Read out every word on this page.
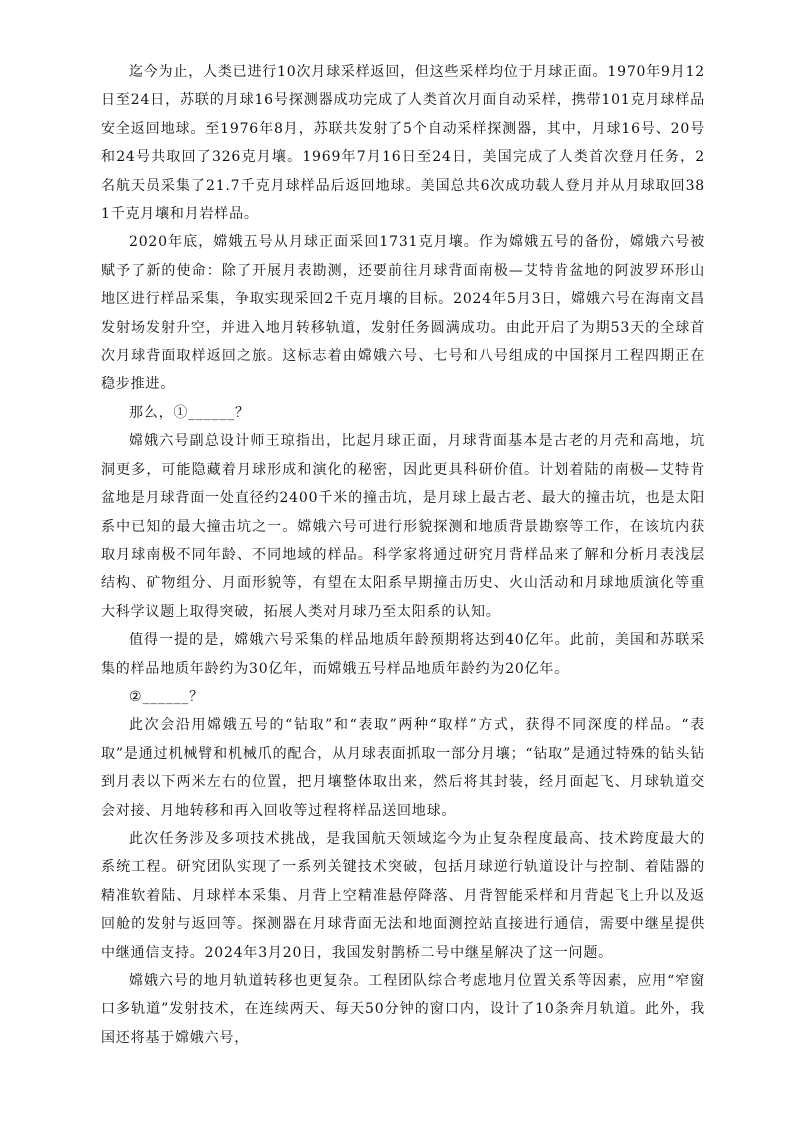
迄今为止，人类已进行10次月球采样返回，但这些采样均位于月球正面。1970年9月12日至24日，苏联的月球16号探测器成功完成了人类首次月面自动采样，携带101克月球样品安全返回地球。至1976年8月，苏联共发射了5个自动采样探测器，其中，月球16号、20号和24号共取回了326克月壤。1969年7月16日至24日，美国完成了人类首次登月任务，2名航天员采集了21.7千克月球样品后返回地球。美国总共6次成功载人登月并从月球取回381千克月壤和月岩样品。

2020年底，嫦娥五号从月球正面采回1731克月壤。作为嫦娥五号的备份，嫦娥六号被赋予了新的使命：除了开展月表勘测，还要前往月球背面南极—艾特肯盆地的阿波罗环形山地区进行样品采集，争取实现采回2千克月壤的目标。2024年5月3日，嫦娥六号在海南文昌发射场发射升空，并进入地月转移轨道，发射任务圆满成功。由此开启了为期53天的全球首次月球背面取样返回之旅。这标志着由嫦娥六号、七号和八号组成的中国探月工程四期正在稳步推进。

那么，①______？

嫦娥六号副总设计师王琼指出，比起月球正面，月球背面基本是古老的月壳和高地，坑洞更多，可能隐藏着月球形成和演化的秘密，因此更具科研价值。计划着陆的南极—艾特肯盆地是月球背面一处直径约2400千米的撞击坑，是月球上最古老、最大的撞击坑，也是太阳系中已知的最大撞击坑之一。嫦娥六号可进行形貌探测和地质背景勘察等工作，在该坑内获取月球南极不同年龄、不同地域的样品。科学家将通过研究月背样品来了解和分析月表浅层结构、矿物组分、月面形貌等，有望在太阳系早期撞击历史、火山活动和月球地质演化等重大科学议题上取得突破，拓展人类对月球乃至太阳系的认知。

值得一提的是，嫦娥六号采集的样品地质年龄预期将达到40亿年。此前，美国和苏联采集的样品地质年龄约为30亿年，而嫦娥五号样品地质年龄约为20亿年。

②______？

此次会沿用嫦娥五号的“钻取”和“表取”两种“取样”方式，获得不同深度的样品。“表取”是通过机械臂和机械爪的配合，从月球表面抓取一部分月壤；“钻取”是通过特殊的钻头钻到月表以下两米左右的位置，把月壤整体取出来，然后将其封装，经月面起飞、月球轨道交会对接、月地转移和再入回收等过程将样品送回地球。

此次任务涉及多项技术挑战，是我国航天领域迄今为止复杂程度最高、技术跨度最大的系统工程。研究团队实现了一系列关键技术突破，包括月球逆行轨道设计与控制、着陆器的精准软着陆、月球样本采集、月背上空精准悬停降落、月背智能采样和月背起飞上升以及返回舱的发射与返回等。探测器在月球背面无法和地面测控站直接进行通信，需要中继星提供中继通信支持。2024年3月20日，我国发射鹊桥二号中继星解决了这一问题。

嫦娥六号的地月轨道转移也更复杂。工程团队综合考虑地月位置关系等因素，应用“窄窗口多轨道”发射技术，在连续两天、每天50分钟的窗口内，设计了10条奔月轨道。此外，我国还将基于嫦娥六号，
